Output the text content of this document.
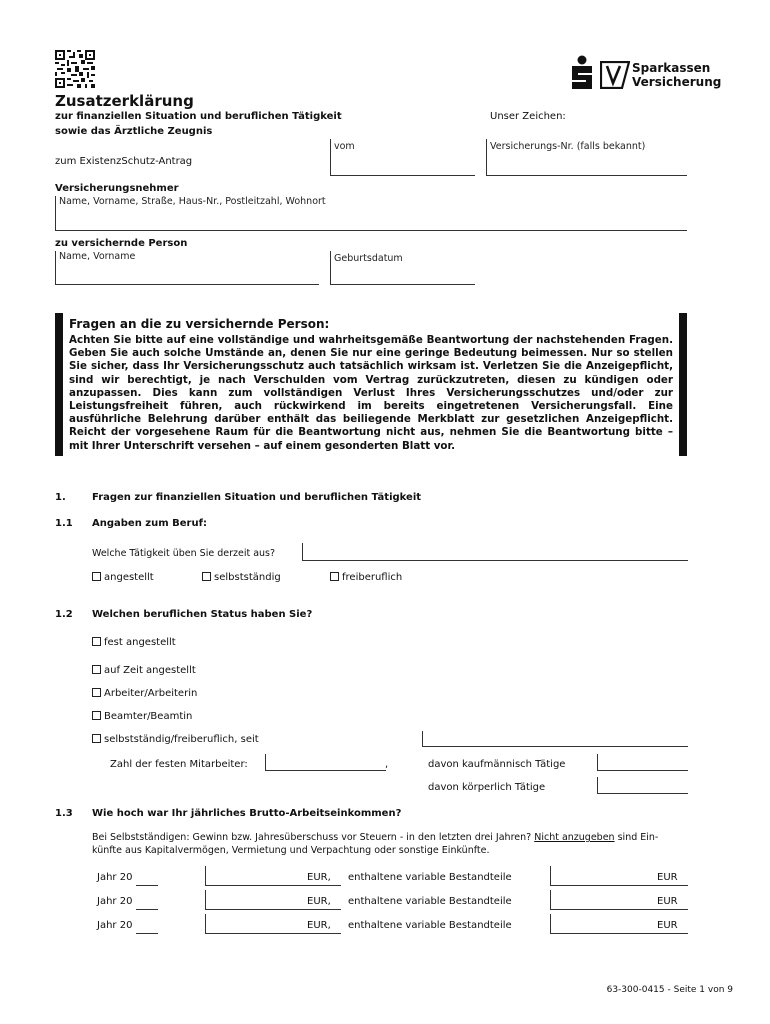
Sparkassen
Versicherung
Zusatzerklärung
zur finanziellen Situation und beruflichen Tätigkeit
sowie das Ärztliche Zeugnis
Unser Zeichen:
zum ExistenzSchutz-Antrag
vom	Versicherungs-Nr. (falls bekannt)
Versicherungsnehmer
Name, Vorname, Straße, Haus-Nr., Postleitzahl, Wohnort
zu versichernde Person
Name, Vorname	Geburtsdatum
Fragen an die zu versichernde Person:
Achten Sie bitte auf eine vollständige und wahrheitsgemäße Beantwortung der nachstehenden Fragen. Geben Sie auch solche Umstände an, denen Sie nur eine geringe Bedeutung beimessen. Nur so stellen Sie sicher, dass Ihr Versicherungsschutz auch tatsächlich wirksam ist. Verletzen Sie die Anzeigepflicht, sind wir berechtigt, je nach Verschulden vom Vertrag zurückzutreten, diesen zu kündigen oder anzupassen. Dies kann zum vollständigen Verlust Ihres Versicherungsschutzes und/oder zur Leistungsfreiheit führen, auch rückwirkend im bereits eingetretenen Versicherungsfall. Eine ausführliche Belehrung darüber enthält das beiliegende Merkblatt zur gesetzlichen Anzeigepflicht. Reicht der vorgesehene Raum für die Beantwortung nicht aus, nehmen Sie die Beantwortung bitte – mit Ihrer Unterschrift versehen – auf einem gesonderten Blatt vor.
1.	Fragen zur finanziellen Situation und beruflichen Tätigkeit
1.1 Angaben zum Beruf:
Welche Tätigkeit üben Sie derzeit aus?
angestellt	selbstständig	freiberuflich
1.2 Welchen beruflichen Status haben Sie?
fest angestellt
auf Zeit angestellt
Arbeiter/Arbeiterin
Beamter/Beamtin
selbstständig/freiberuflich, seit
Zahl der festen Mitarbeiter:	,	davon kaufmännisch Tätige
davon körperlich Tätige
1.3 Wie hoch war Ihr jährliches Brutto-Arbeitseinkommen?
Bei Selbstständigen: Gewinn bzw. Jahresüberschuss vor Steuern - in den letzten drei Jahren? Nicht anzugeben sind Ein-
künfte aus Kapitalvermögen, Vermietung und Verpachtung oder sonstige Einkünfte.
Jahr 20	EUR, enthaltene variable Bestandteile	EUR
Jahr 20	EUR, enthaltene variable Bestandteile	EUR
Jahr 20	EUR, enthaltene variable Bestandteile	EUR
63-300-0415 - Seite 1 von 9
